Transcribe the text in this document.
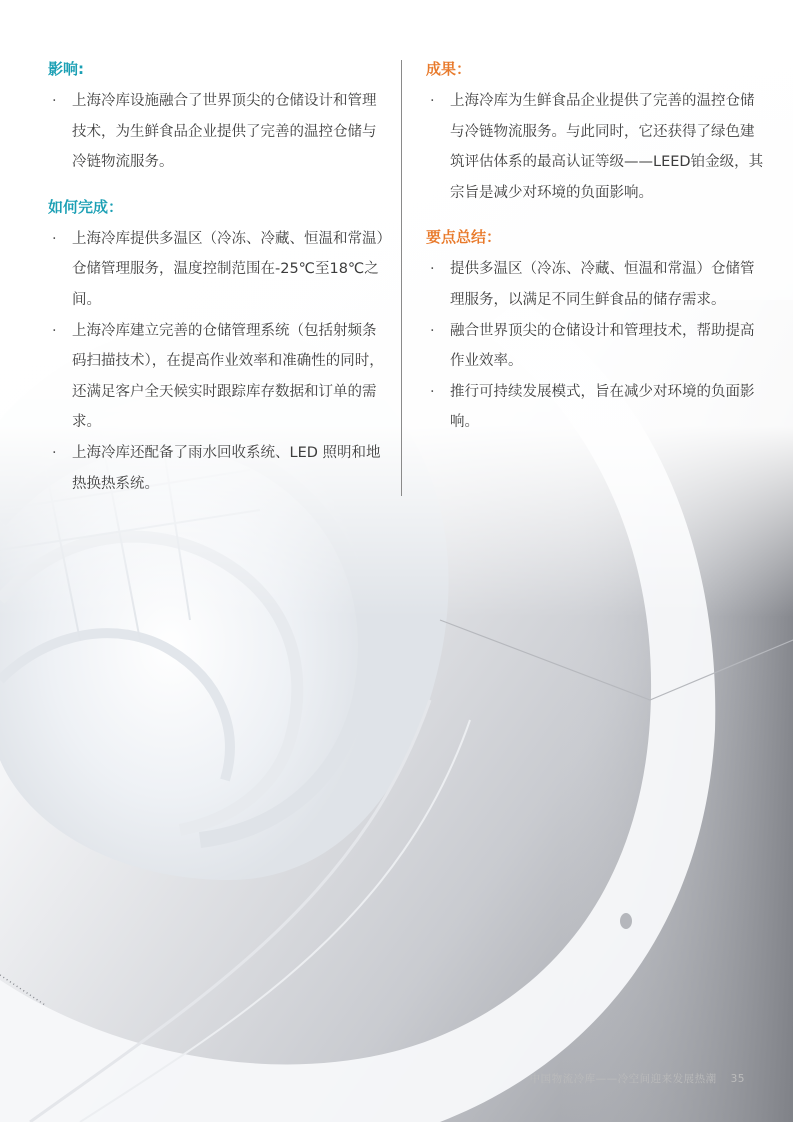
影响:
· 上海冷库设施融合了世界顶尖的仓储设计和管理技术，为生鲜食品企业提供了完善的温控仓储与冷链物流服务。
如何完成：
· 上海冷库提供多温区（冷冻、冷藏、恒温和常温）仓储管理服务，温度控制范围在-25℃至18℃之间。
· 上海冷库建立完善的仓储管理系统（包括射频条码扫描技术），在提高作业效率和准确性的同时，还满足客户全天候实时跟踪库存数据和订单的需求。
· 上海冷库还配备了雨水回收系统、LED 照明和地热换热系统。
成果：
· 上海冷库为生鲜食品企业提供了完善的温控仓储与冷链物流服务。与此同时，它还获得了绿色建筑评估体系的最高认证等级——LEED铂金级，其宗旨是减少对环境的负面影响。
要点总结：
· 提供多温区（冷冻、冷藏、恒温和常温）仓储管理服务，以满足不同生鲜食品的储存需求。
· 融合世界顶尖的仓储设计和管理技术，帮助提高作业效率。
· 推行可持续发展模式，旨在减少对环境的负面影响。
中国物流冷库——冷空间迎来发展热潮 35
